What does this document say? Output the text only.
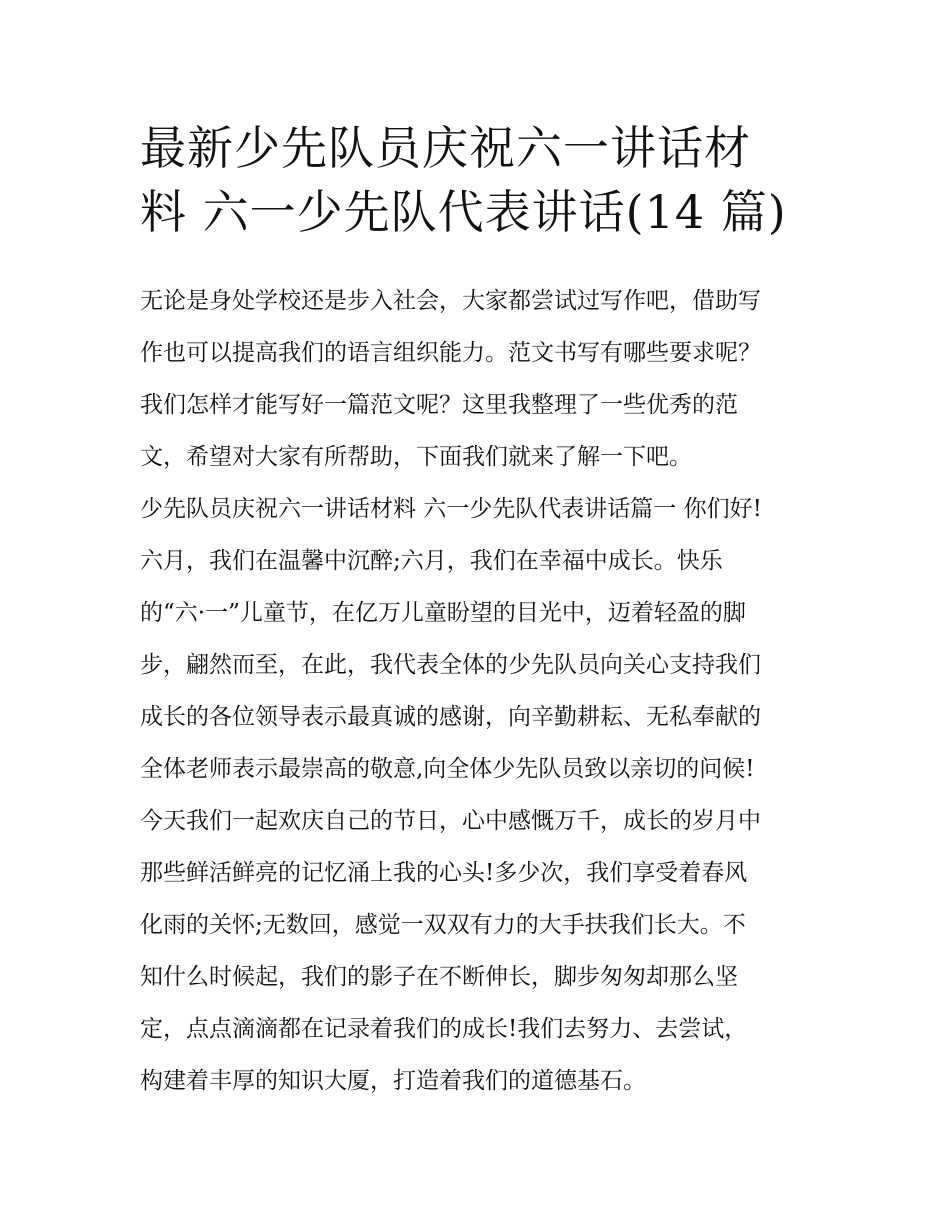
最新少先队员庆祝六一讲话材
料 六一少先队代表讲话(14 篇)
无论是身处学校还是步入社会，大家都尝试过写作吧，借助写
作也可以提高我们的语言组织能力。范文书写有哪些要求呢？
我们怎样才能写好一篇范文呢？这里我整理了一些优秀的范
文，希望对大家有所帮助，下面我们就来了解一下吧。
少先队员庆祝六一讲话材料 六一少先队代表讲话篇一 你们好!
六月，我们在温馨中沉醉;六月，我们在幸福中成长。快乐
的“六·一”儿童节，在亿万儿童盼望的目光中，迈着轻盈的脚
步，翩然而至，在此，我代表全体的少先队员向关心支持我们
成长的各位领导表示最真诚的感谢，向辛勤耕耘、无私奉献的
全体老师表示最崇高的敬意,向全体少先队员致以亲切的问候!
今天我们一起欢庆自己的节日，心中感慨万千，成长的岁月中
那些鲜活鲜亮的记忆涌上我的心头!多少次，我们享受着春风
化雨的关怀;无数回，感觉一双双有力的大手扶我们长大。不
知什么时候起，我们的影子在不断伸长，脚步匆匆却那么坚
定，点点滴滴都在记录着我们的成长!我们去努力、去尝试，
构建着丰厚的知识大厦，打造着我们的道德基石。
